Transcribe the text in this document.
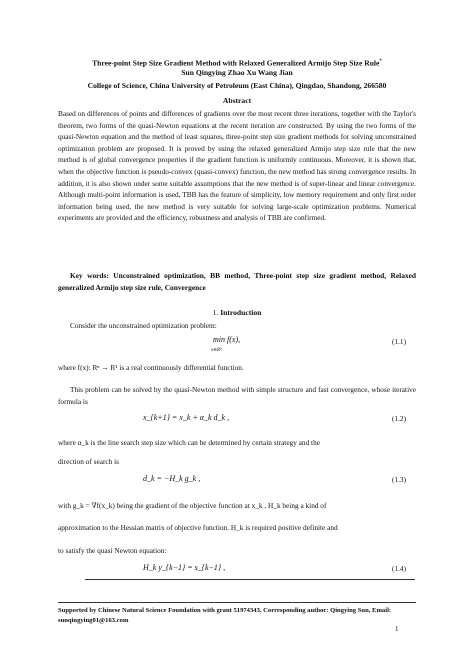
Three-point Step Size Gradient Method with Relaxed Generalized Armijo Step Size Rule*
Sun Qingying Zhao Xu Wang Jian
College of Science, China University of Petroleum (East China), Qingdao, Shandong, 266580
Abstract
Based on differences of points and differences of gradients over the most recent three iterations, together with the Taylor's theorem, two forms of the quasi-Newton equations at the recent iteration are constructed. By using the two forms of the quasi-Newton equation and the method of least squares, three-point step size gradient methods for solving unconstrained optimization problem are proposed. It is proved by using the relaxed generalized Armijo step size rule that the new method is of global convergence properties if the gradient function is uniformly continuous. Moreover, it is shown that, when the objective function is pseudo-convex (quasi-convex) function, the new method has strong convergence results. In addition, it is also shown under some suitable assumptions that the new method is of super-linear and linear convergence. Although multi-point information is used, TBB has the feature of simplicity, low memory requirement and only first order information being used, the new method is very suitable for solving large-scale optimization problems. Numerical experiments are provided and the efficiency, robustness and analysis of TBB are confirmed.
Key words: Unconstrained optimization, BB method, Three-point step size gradient method, Relaxed generalized Armijo step size rule, Convergence
1. Introduction
Consider the unconstrained optimization problem:
min f(x),
x∈Rⁿ
(1.1)
where f(x): Rⁿ → R¹ is a real continuously differential function.
This problem can be solved by the quasi-Newton method with simple structure and fast convergence, whose iterative formula is
x_{k+1} = x_k + α_k d_k ,	(1.2)
where α_k is the line search step size which can be determined by certain strategy and the
direction of search is
d_k = −H_k g_k ,	(1.3)
with g_k = ∇f(x_k) being the gradient of the objective function at x_k , H_k being a kind of
approximation to the Hessian matrix of objective function. H_k is required positive definite and
to satisfy the quasi Newton equation:
H_k y_{k−1} = s_{k−1} ,	(1.4)
Supported by Chinese Natural Science Foundation with grant 51974343. Corresponding author: Qingying Sun, Email: sunqingying01@163.com
1
